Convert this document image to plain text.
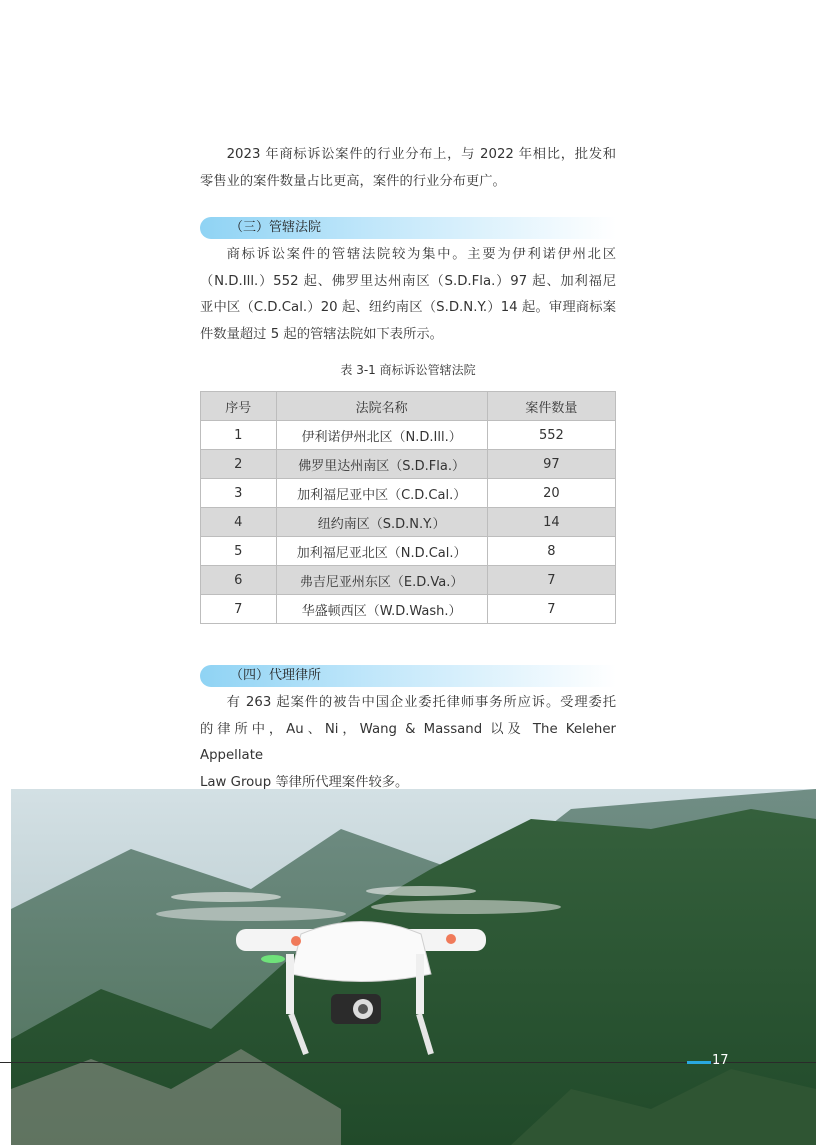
2023 年商标诉讼案件的行业分布上，与 2022 年相比，批发和
零售业的案件数量占比更高，案件的行业分布更广。
（三）管辖法院
商标诉讼案件的管辖法院较为集中。主要为伊利诺伊州北区
（N.D.Ill.）552 起、佛罗里达州南区（S.D.Fla.）97 起、加利福尼
亚中区（C.D.Cal.）20 起、纽约南区（S.D.N.Y.）14 起。审理商标案
件数量超过 5 起的管辖法院如下表所示。
表 3-1 商标诉讼管辖法院
序号	法院名称	案件数量
1	伊利诺伊州北区（N.D.Ill.）	552
2	佛罗里达州南区（S.D.Fla.）	97
3	加利福尼亚中区（C.D.Cal.）	20
4	纽约南区（S.D.N.Y.）	14
5	加利福尼亚北区（N.D.Cal.）	8
6	弗吉尼亚州东区（E.D.Va.）	7
7	华盛顿西区（W.D.Wash.）	7
（四）代理律所
有 263 起案件的被告中国企业委托律师事务所应诉。受理委托
的律所中，Au、Ni，Wang & Massand 以及 The Keleher Appellate
Law Group 等律所代理案件较多。
17
